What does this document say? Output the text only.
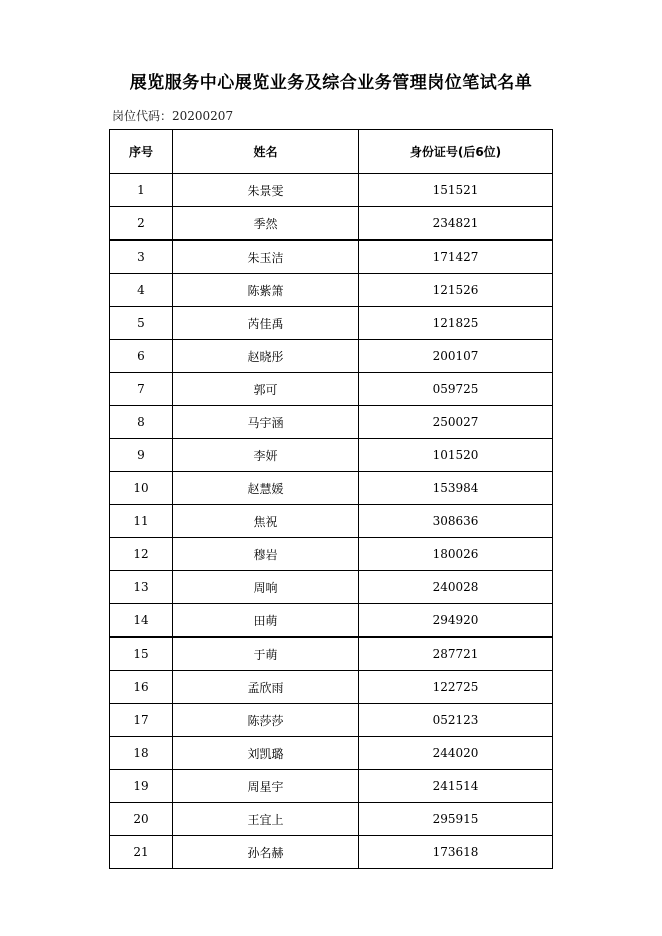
展览服务中心展览业务及综合业务管理岗位笔试名单
岗位代码：20200207
序号	姓名	身份证号(后6位)
1	朱景雯	151521
2	季然	234821
3	朱玉洁	171427
4	陈紫箫	121526
5	芮佳禹	121825
6	赵晓彤	200107
7	郭可	059725
8	马宇涵	250027
9	李妍	101520
10	赵慧媛	153984
11	焦祝	308636
12	穆岩	180026
13	周响	240028
14	田萌	294920
15	于萌	287721
16	孟欣雨	122725
17	陈莎莎	052123
18	刘凯璐	244020
19	周星宇	241514
20	王宜上	295915
21	孙名赫	173618
